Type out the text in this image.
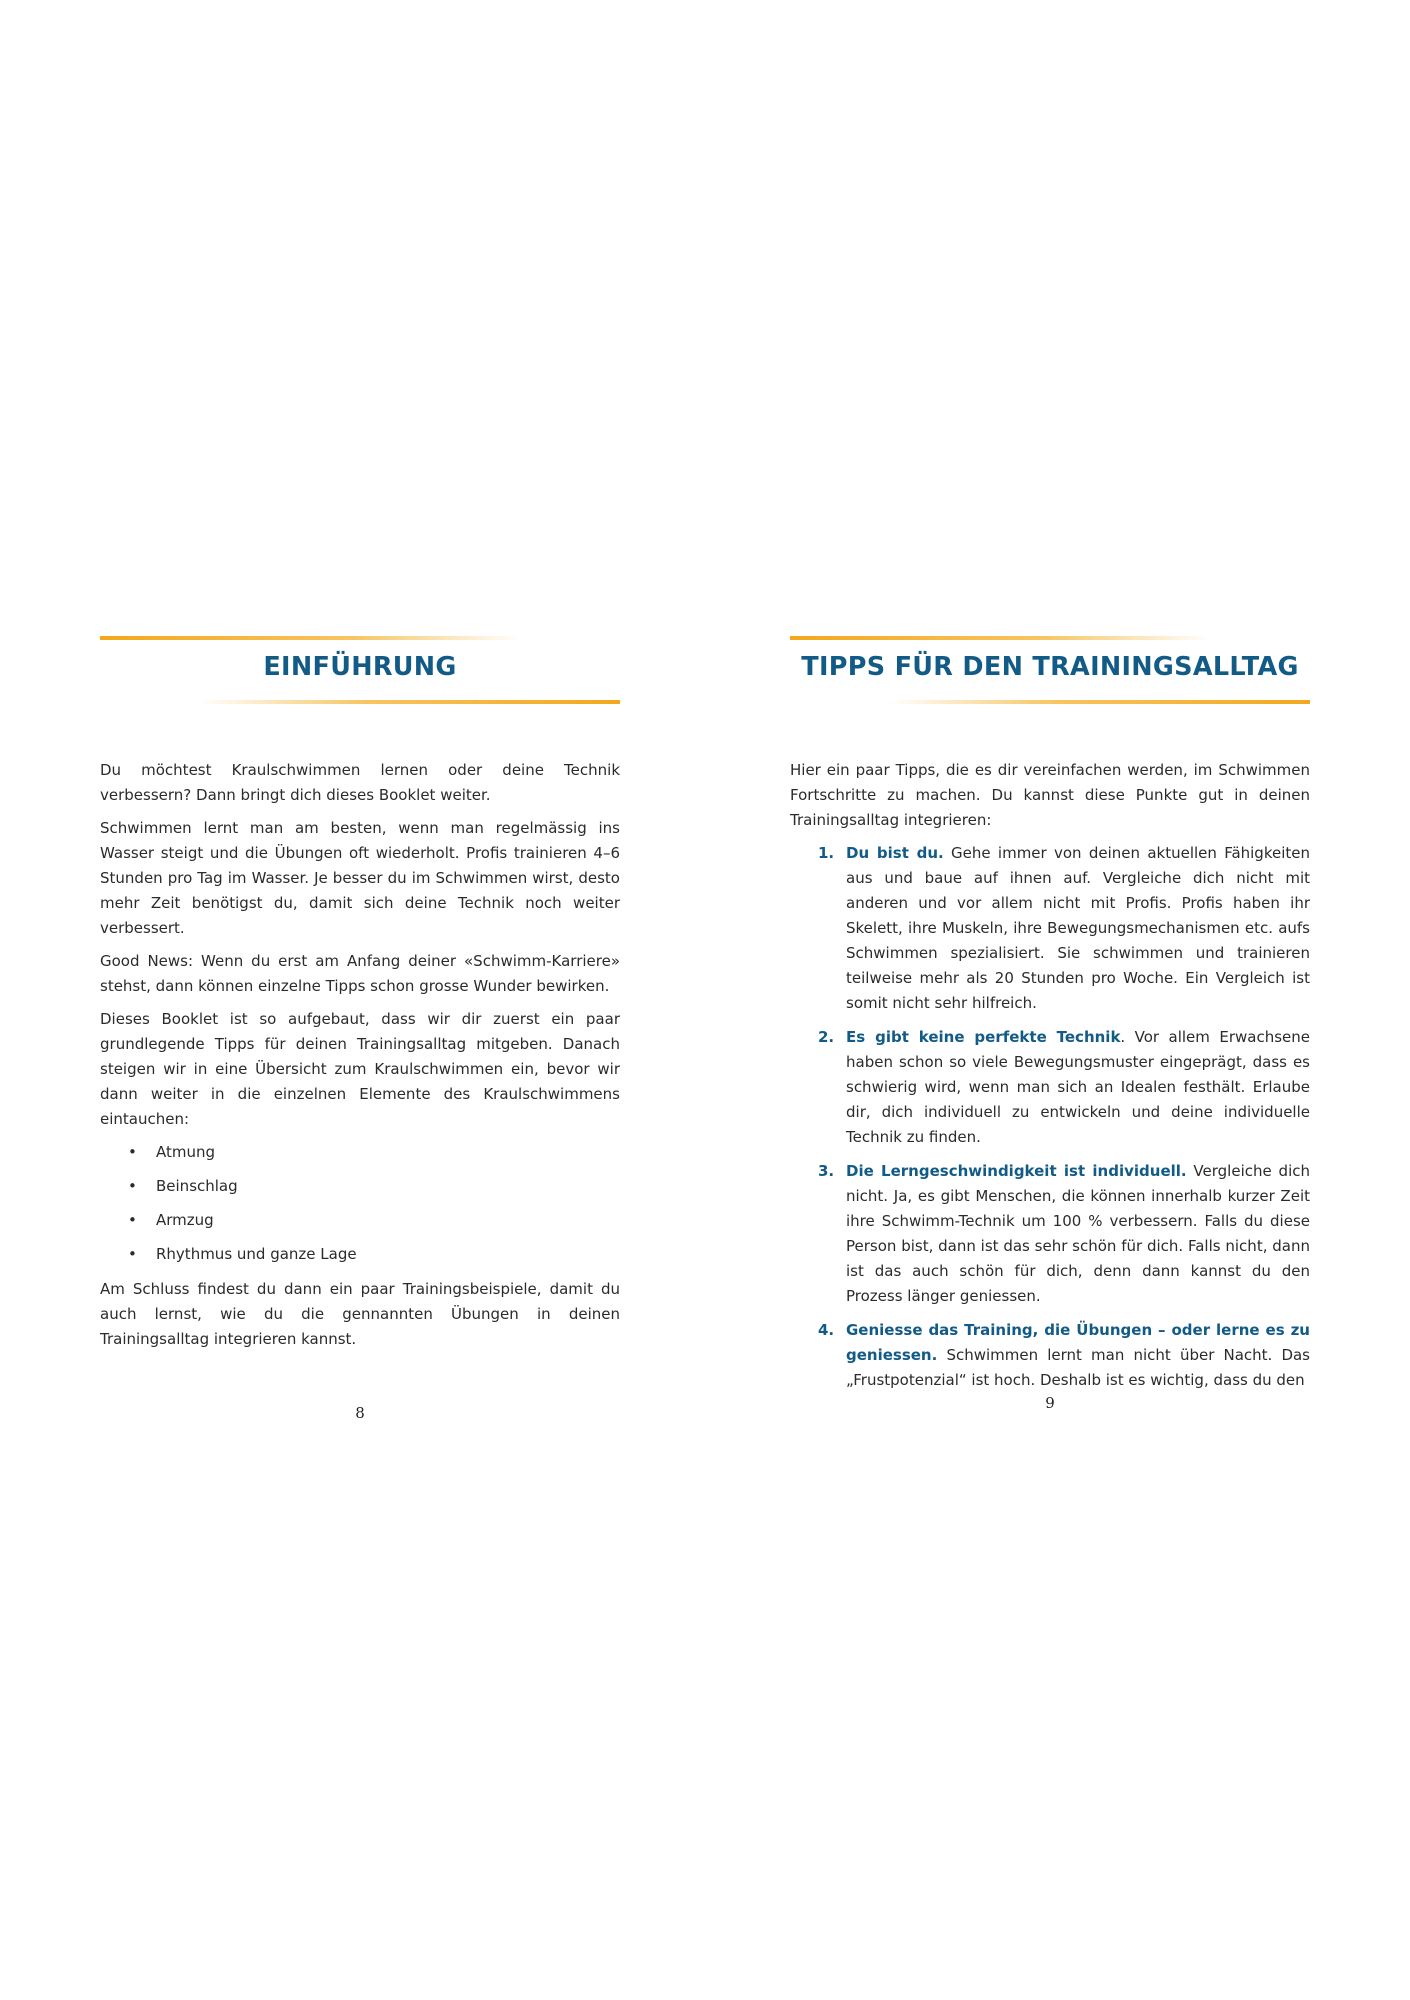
EINFÜHRUNG

Du möchtest Kraulschwimmen lernen oder deine Technik verbessern? Dann bringt dich dieses Booklet weiter.

Schwimmen lernt man am besten, wenn man regelmässig ins Wasser steigt und die Übungen oft wiederholt. Profis trainieren 4–6 Stunden pro Tag im Wasser. Je besser du im Schwimmen wirst, desto mehr Zeit benötigst du, damit sich deine Technik noch weiter verbessert.

Good News: Wenn du erst am Anfang deiner «Schwimm-Karriere» stehst, dann können einzelne Tipps schon grosse Wunder bewirken.

Dieses Booklet ist so aufgebaut, dass wir dir zuerst ein paar grundlegende Tipps für deinen Trainingsalltag mitgeben. Danach steigen wir in eine Übersicht zum Kraulschwimmen ein, bevor wir dann weiter in die einzelnen Elemente des Kraulschwimmens eintauchen:

• Atmung
• Beinschlag
• Armzug
• Rhythmus und ganze Lage

Am Schluss findest du dann ein paar Trainingsbeispiele, damit du auch lernst, wie du die gennannten Übungen in deinen Trainingsalltag integrieren kannst.

8
TIPPS FÜR DEN TRAININGSALLTAG

Hier ein paar Tipps, die es dir vereinfachen werden, im Schwimmen Fortschritte zu machen. Du kannst diese Punkte gut in deinen Trainingsalltag integrieren:

1. Du bist du. Gehe immer von deinen aktuellen Fähigkeiten aus und baue auf ihnen auf. Vergleiche dich nicht mit anderen und vor allem nicht mit Profis. Profis haben ihr Skelett, ihre Muskeln, ihre Bewegungsmechanismen etc. aufs Schwimmen spezialisiert. Sie schwimmen und trainieren teilweise mehr als 20 Stunden pro Woche. Ein Vergleich ist somit nicht sehr hilfreich.
2. Es gibt keine perfekte Technik. Vor allem Erwachsene haben schon so viele Bewegungsmuster eingeprägt, dass es schwierig wird, wenn man sich an Idealen festhält. Erlaube dir, dich individuell zu entwickeln und deine individuelle Technik zu finden.
3. Die Lerngeschwindigkeit ist individuell. Vergleiche dich nicht. Ja, es gibt Menschen, die können innerhalb kurzer Zeit ihre Schwimm-Technik um 100 % verbessern. Falls du diese Person bist, dann ist das sehr schön für dich. Falls nicht, dann ist das auch schön für dich, denn dann kannst du den Prozess länger geniessen.
4. Geniesse das Training, die Übungen – oder lerne es zu geniessen. Schwimmen lernt man nicht über Nacht. Das „Frustpotenzial“ ist hoch. Deshalb ist es wichtig, dass du den
9
